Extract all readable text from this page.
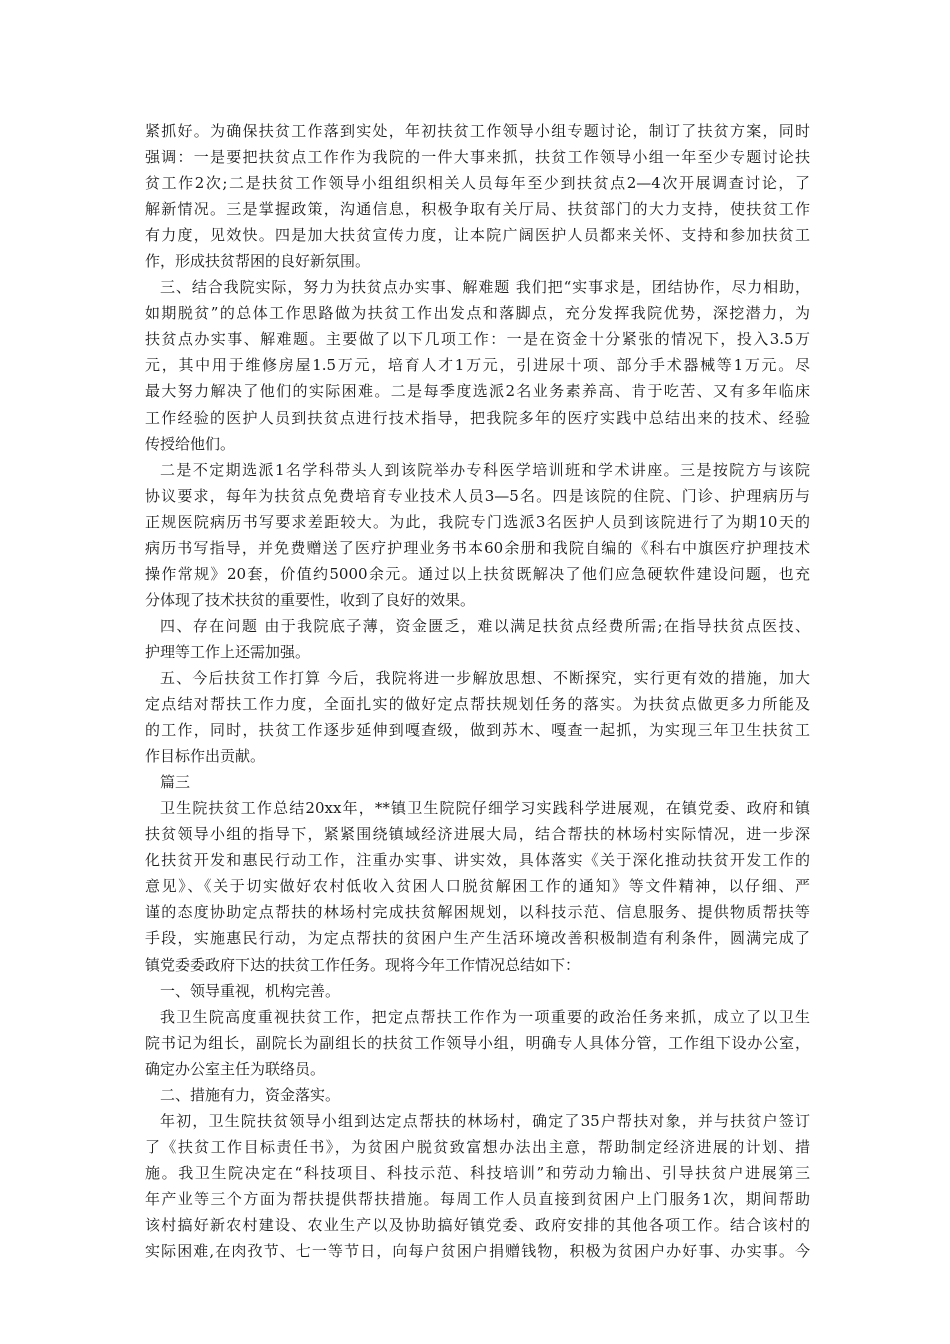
紧抓好。为确保扶贫工作落到实处，年初扶贫工作领导小组专题讨论，制订了扶贫方案，同时
强调：一是要把扶贫点工作作为我院的一件大事来抓，扶贫工作领导小组一年至少专题讨论扶
贫工作2次;二是扶贫工作领导小组组织相关人员每年至少到扶贫点2—4次开展调查讨论，了
解新情况。三是掌握政策，沟通信息，积极争取有关厅局、扶贫部门的大力支持，使扶贫工作
有力度，见效快。四是加大扶贫宣传力度，让本院广阔医护人员都来关怀、支持和参加扶贫工
作，形成扶贫帮困的良好新氛围。
三、结合我院实际，努力为扶贫点办实事、解难题 我们把“实事求是，团结协作，尽力相助，
如期脱贫”的总体工作思路做为扶贫工作出发点和落脚点，充分发挥我院优势，深挖潜力，为
扶贫点办实事、解难题。主要做了以下几项工作：一是在资金十分紧张的情况下，投入3.5万
元，其中用于维修房屋1.5万元，培育人才1万元，引进尿十项、部分手术器械等1万元。尽
最大努力解决了他们的实际困难。二是每季度选派2名业务素养高、肯于吃苦、又有多年临床
工作经验的医护人员到扶贫点进行技术指导，把我院多年的医疗实践中总结出来的技术、经验
传授给他们。
二是不定期选派1名学科带头人到该院举办专科医学培训班和学术讲座。三是按院方与该院
协议要求，每年为扶贫点免费培育专业技术人员3—5名。四是该院的住院、门诊、护理病历与
正规医院病历书写要求差距较大。为此，我院专门选派3名医护人员到该院进行了为期10天的
病历书写指导，并免费赠送了医疗护理业务书本60余册和我院自编的《科右中旗医疗护理技术
操作常规》20套，价值约5000余元。通过以上扶贫既解决了他们应急硬软件建设问题，也充
分体现了技术扶贫的重要性，收到了良好的效果。
四、存在问题 由于我院底子薄，资金匮乏，难以满足扶贫点经费所需;在指导扶贫点医技、
护理等工作上还需加强。
五、今后扶贫工作打算 今后，我院将进一步解放思想、不断探究，实行更有效的措施，加大
定点结对帮扶工作力度，全面扎实的做好定点帮扶规划任务的落实。为扶贫点做更多力所能及
的工作，同时，扶贫工作逐步延伸到嘎查级，做到苏木、嘎查一起抓，为实现三年卫生扶贫工
作目标作出贡献。
篇三
卫生院扶贫工作总结20xx年，**镇卫生院院仔细学习实践科学进展观，在镇党委、政府和镇
扶贫领导小组的指导下，紧紧围绕镇域经济进展大局，结合帮扶的林场村实际情况，进一步深
化扶贫开发和惠民行动工作，注重办实事、讲实效，具体落实《关于深化推动扶贫开发工作的
意见》、《关于切实做好农村低收入贫困人口脱贫解困工作的通知》等文件精神，以仔细、严
谨的态度协助定点帮扶的林场村完成扶贫解困规划，以科技示范、信息服务、提供物质帮扶等
手段，实施惠民行动，为定点帮扶的贫困户生产生活环境改善积极制造有利条件，圆满完成了
镇党委委政府下达的扶贫工作任务。现将今年工作情况总结如下：
一、领导重视，机构完善。
我卫生院高度重视扶贫工作，把定点帮扶工作作为一项重要的政治任务来抓，成立了以卫生
院书记为组长，副院长为副组长的扶贫工作领导小组，明确专人具体分管，工作组下设办公室，
确定办公室主任为联络员。
二、措施有力，资金落实。
年初，卫生院扶贫领导小组到达定点帮扶的林场村，确定了35户帮扶对象，并与扶贫户签订
了《扶贫工作目标责任书》，为贫困户脱贫致富想办法出主意，帮助制定经济进展的计划、措
施。我卫生院决定在“科技项目、科技示范、科技培训”和劳动力输出、引导扶贫户进展第三
年产业等三个方面为帮扶提供帮扶措施。每周工作人员直接到贫困户上门服务1次，期间帮助
该村搞好新农村建设、农业生产以及协助搞好镇党委、政府安排的其他各项工作。结合该村的
实际困难,在肉孜节、七一等节日，向每户贫困户捐赠钱物，积极为贫困户办好事、办实事。今
